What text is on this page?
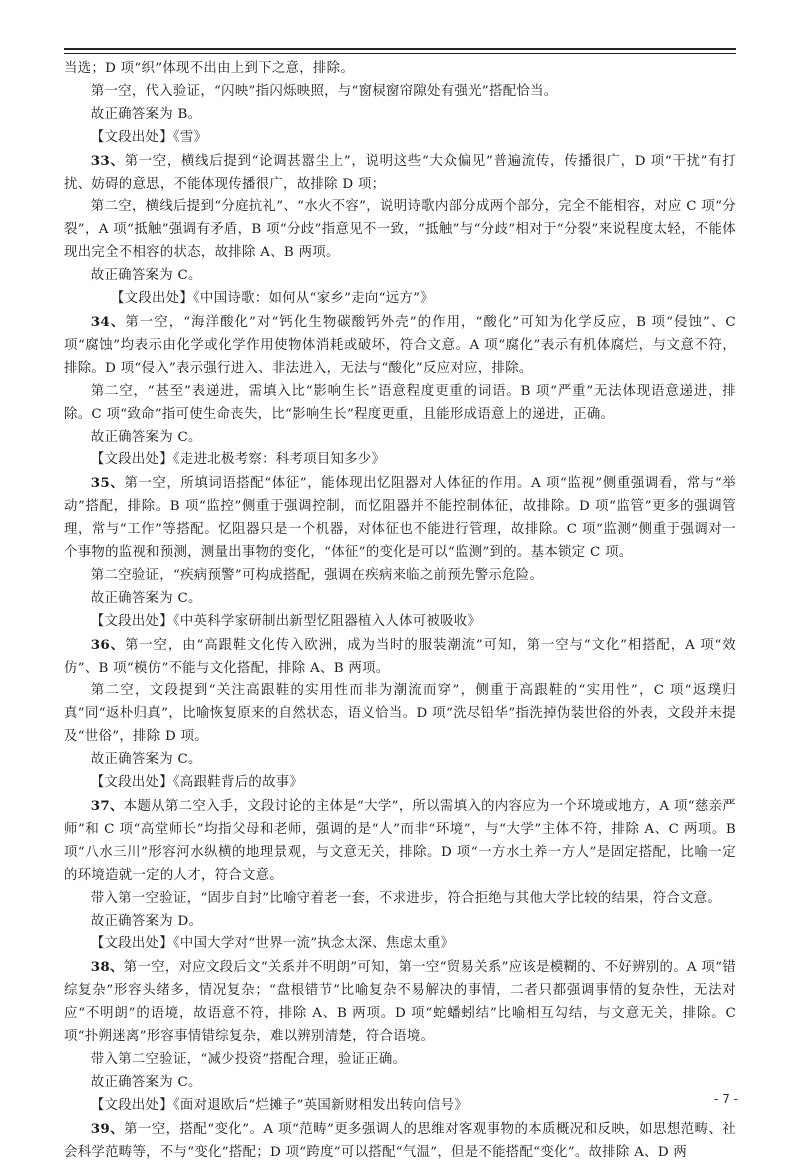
当选；D 项“织”体现不出由上到下之意，排除。

第一空，代入验证，“闪映”指闪烁映照，与“窗棂窗帘隙处有强光”搭配恰当。

故正确答案为 B。

【文段出处】《雪》

33、第一空，横线后提到“论调甚嚣尘上”，说明这些“大众偏见”普遍流传，传播很广，D 项“干扰”有打扰、妨碍的意思，不能体现传播很广，故排除 D 项；

第二空，横线后提到“分庭抗礼”、“水火不容”，说明诗歌内部分成两个部分，完全不能相容，对应 C 项“分裂”，A 项“抵触”强调有矛盾，B 项“分歧”指意见不一致，“抵触”与“分歧”相对于“分裂”来说程度太轻，不能体现出完全不相容的状态，故排除 A、B 两项。

故正确答案为 C。

【文段出处】《中国诗歌：如何从“家乡”走向“远方”》

34、第一空，“海洋酸化”对“钙化生物碳酸钙外壳”的作用，“酸化”可知为化学反应，B 项“侵蚀”、C 项“腐蚀”均表示由化学或化学作用使物体消耗或破坏，符合文意。A 项“腐化”表示有机体腐烂，与文意不符，排除。D 项“侵入”表示强行进入、非法进入，无法与“酸化”反应对应，排除。

第二空，“甚至”表递进，需填入比“影响生长”语意程度更重的词语。B 项“严重”无法体现语意递进，排除。C 项“致命”指可使生命丧失，比“影响生长”程度更重，且能形成语意上的递进，正确。

故正确答案为 C。

【文段出处】《走进北极考察：科考项目知多少》

35、第一空，所填词语搭配“体征”，能体现出忆阻器对人体征的作用。A 项“监视”侧重强调看，常与“举动”搭配，排除。B 项“监控”侧重于强调控制，而忆阻器并不能控制体征，故排除。D 项“监管”更多的强调管理，常与“工作”等搭配。忆阻器只是一个机器，对体征也不能进行管理，故排除。C 项“监测”侧重于强调对一个事物的监视和预测，测量出事物的变化，“体征”的变化是可以“监测”到的。基本锁定 C 项。

第二空验证，“疾病预警”可构成搭配，强调在疾病来临之前预先警示危险。

故正确答案为 C。

【文段出处】《中英科学家研制出新型忆阻器植入人体可被吸收》

36、第一空，由“高跟鞋文化传入欧洲，成为当时的服装潮流”可知，第一空与“文化”相搭配，A 项“效仿”、B 项“模仿”不能与文化搭配，排除 A、B 两项。

第二空，文段提到“关注高跟鞋的实用性而非为潮流而穿”，侧重于高跟鞋的“实用性”，C 项“返璞归真”同“返朴归真”，比喻恢复原来的自然状态，语义恰当。D 项“洗尽铅华”指洗掉伪装世俗的外表，文段并未提及“世俗”，排除 D 项。

故正确答案为 C。

【文段出处】《高跟鞋背后的故事》

37、本题从第二空入手，文段讨论的主体是“大学”，所以需填入的内容应为一个环境或地方，A 项“慈亲严师”和 C 项“高堂师长”均指父母和老师，强调的是“人”而非“环境”，与“大学”主体不符，排除 A、C 两项。B 项“八水三川”形容河水纵横的地理景观，与文意无关，排除。D 项“一方水土养一方人”是固定搭配，比喻一定的环境造就一定的人才，符合文意。

带入第一空验证，“固步自封”比喻守着老一套，不求进步，符合拒绝与其他大学比较的结果，符合文意。

故正确答案为 D。

【文段出处】《中国大学对“世界一流”执念太深、焦虑太重》

38、第一空，对应文段后文“关系并不明朗”可知，第一空“贸易关系”应该是模糊的、不好辨别的。A 项“错综复杂”形容头绪多，情况复杂；“盘根错节”比喻复杂不易解决的事情，二者只都强调事情的复杂性，无法对应“不明朗”的语境，故语意不符，排除 A、B 两项。D 项“蛇蟠蚓结”比喻相互勾结，与文意无关，排除。C 项“扑朔迷离”形容事情错综复杂，难以辨别清楚，符合语境。

带入第二空验证，“减少投资”搭配合理，验证正确。

故正确答案为 C。

【文段出处】《面对退欧后“烂摊子”英国新财相发出转向信号》

39、第一空，搭配“变化”。A 项“范畴”更多强调人的思维对客观事物的本质概况和反映，如思想范畴、社会科学范畴等，不与“变化”搭配；D 项“跨度”可以搭配“气温”，但是不能搭配“变化”。故排除 A、D 两

- 7 -
